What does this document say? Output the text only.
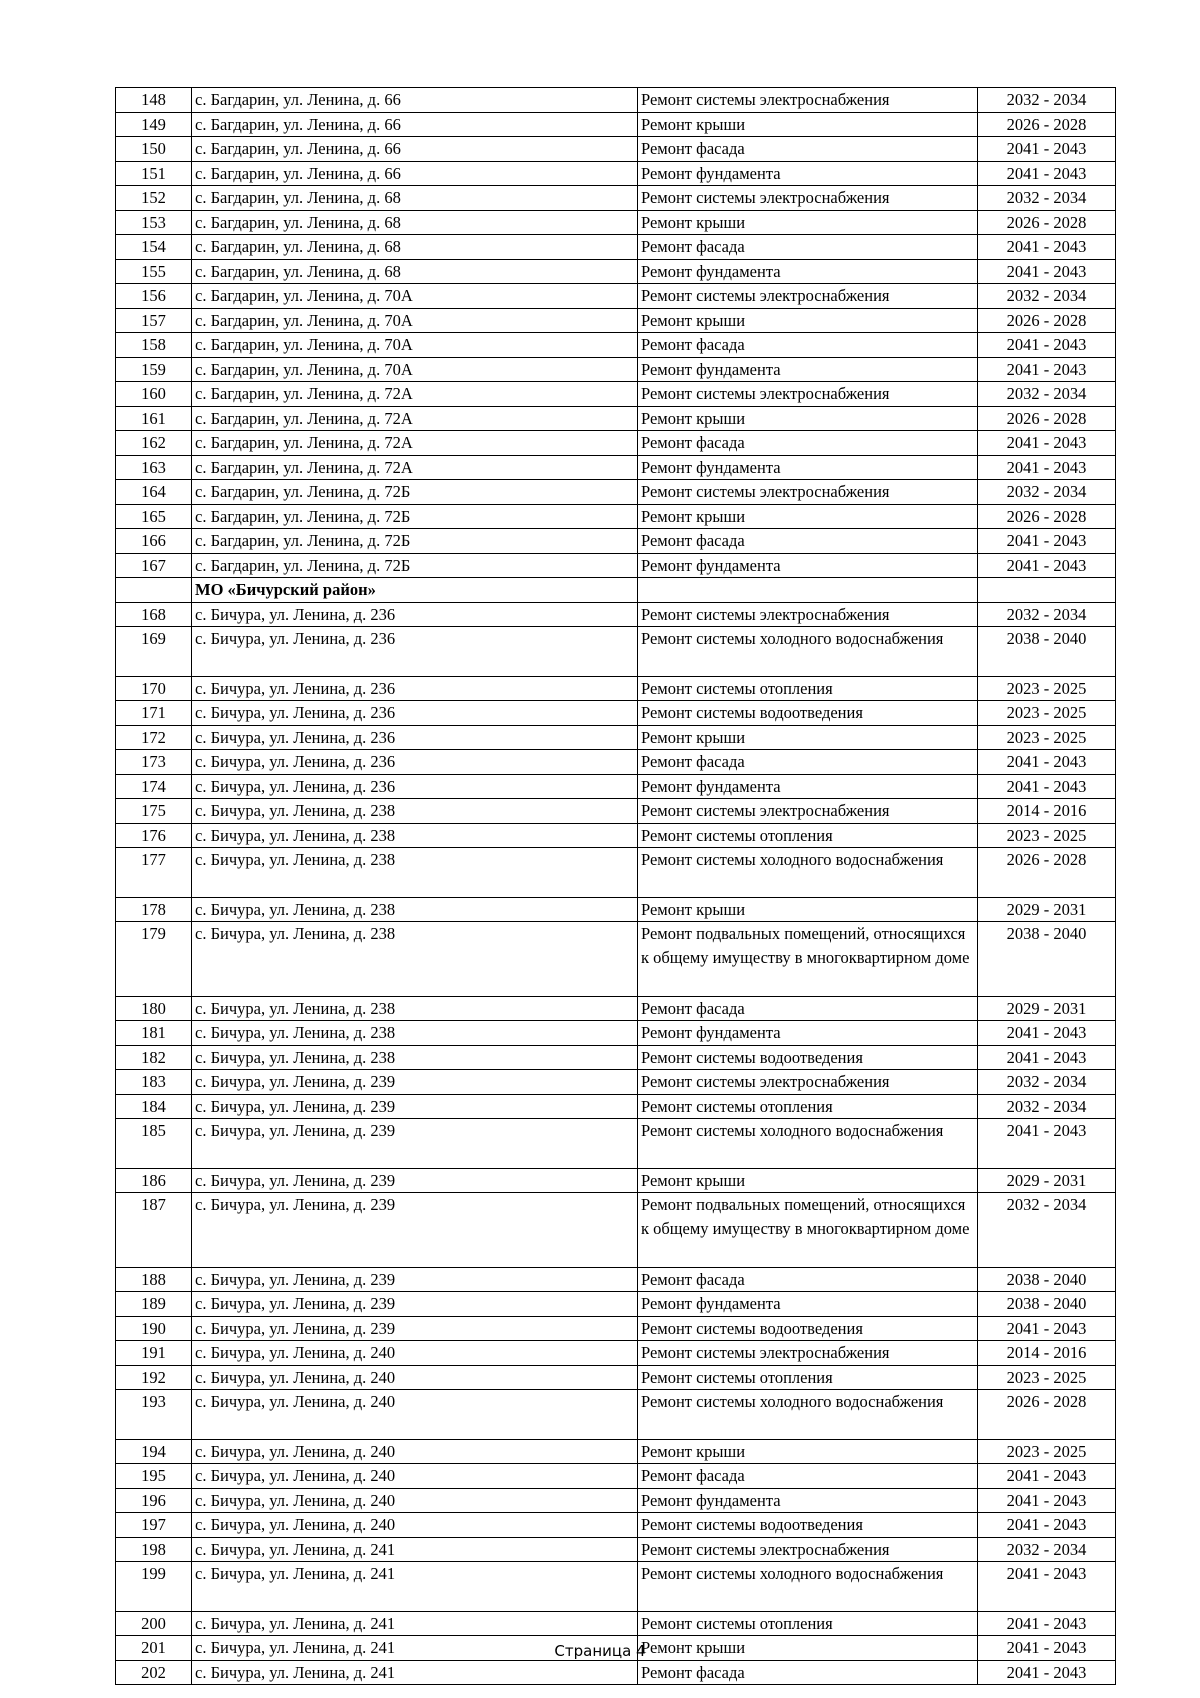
148	с. Багдарин, ул. Ленина, д. 66	Ремонт системы электроснабжения	2032 - 2034
149	с. Багдарин, ул. Ленина, д. 66	Ремонт крыши	2026 - 2028
150	с. Багдарин, ул. Ленина, д. 66	Ремонт фасада	2041 - 2043
151	с. Багдарин, ул. Ленина, д. 66	Ремонт фундамента	2041 - 2043
152	с. Багдарин, ул. Ленина, д. 68	Ремонт системы электроснабжения	2032 - 2034
153	с. Багдарин, ул. Ленина, д. 68	Ремонт крыши	2026 - 2028
154	с. Багдарин, ул. Ленина, д. 68	Ремонт фасада	2041 - 2043
155	с. Багдарин, ул. Ленина, д. 68	Ремонт фундамента	2041 - 2043
156	с. Багдарин, ул. Ленина, д. 70А	Ремонт системы электроснабжения	2032 - 2034
157	с. Багдарин, ул. Ленина, д. 70А	Ремонт крыши	2026 - 2028
158	с. Багдарин, ул. Ленина, д. 70А	Ремонт фасада	2041 - 2043
159	с. Багдарин, ул. Ленина, д. 70А	Ремонт фундамента	2041 - 2043
160	с. Багдарин, ул. Ленина, д. 72А	Ремонт системы электроснабжения	2032 - 2034
161	с. Багдарин, ул. Ленина, д. 72А	Ремонт крыши	2026 - 2028
162	с. Багдарин, ул. Ленина, д. 72А	Ремонт фасада	2041 - 2043
163	с. Багдарин, ул. Ленина, д. 72А	Ремонт фундамента	2041 - 2043
164	с. Багдарин, ул. Ленина, д. 72Б	Ремонт системы электроснабжения	2032 - 2034
165	с. Багдарин, ул. Ленина, д. 72Б	Ремонт крыши	2026 - 2028
166	с. Багдарин, ул. Ленина, д. 72Б	Ремонт фасада	2041 - 2043
167	с. Багдарин, ул. Ленина, д. 72Б	Ремонт фундамента	2041 - 2043
	МО «Бичурский район»		
168	с. Бичура, ул. Ленина, д. 236	Ремонт системы электроснабжения	2032 - 2034
169	с. Бичура, ул. Ленина, д. 236	Ремонт системы холодного водоснабжения	2038 - 2040
170	с. Бичура, ул. Ленина, д. 236	Ремонт системы отопления	2023 - 2025
171	с. Бичура, ул. Ленина, д. 236	Ремонт системы водоотведения	2023 - 2025
172	с. Бичура, ул. Ленина, д. 236	Ремонт крыши	2023 - 2025
173	с. Бичура, ул. Ленина, д. 236	Ремонт фасада	2041 - 2043
174	с. Бичура, ул. Ленина, д. 236	Ремонт фундамента	2041 - 2043
175	с. Бичура, ул. Ленина, д. 238	Ремонт системы электроснабжения	2014 - 2016
176	с. Бичура, ул. Ленина, д. 238	Ремонт системы отопления	2023 - 2025
177	с. Бичура, ул. Ленина, д. 238	Ремонт системы холодного водоснабжения	2026 - 2028
178	с. Бичура, ул. Ленина, д. 238	Ремонт крыши	2029 - 2031
179	с. Бичура, ул. Ленина, д. 238	Ремонт подвальных помещений, относящихся к общему имуществу в многоквартирном доме	2038 - 2040
180	с. Бичура, ул. Ленина, д. 238	Ремонт фасада	2029 - 2031
181	с. Бичура, ул. Ленина, д. 238	Ремонт фундамента	2041 - 2043
182	с. Бичура, ул. Ленина, д. 238	Ремонт системы водоотведения	2041 - 2043
183	с. Бичура, ул. Ленина, д. 239	Ремонт системы электроснабжения	2032 - 2034
184	с. Бичура, ул. Ленина, д. 239	Ремонт системы отопления	2032 - 2034
185	с. Бичура, ул. Ленина, д. 239	Ремонт системы холодного водоснабжения	2041 - 2043
186	с. Бичура, ул. Ленина, д. 239	Ремонт крыши	2029 - 2031
187	с. Бичура, ул. Ленина, д. 239	Ремонт подвальных помещений, относящихся к общему имуществу в многоквартирном доме	2032 - 2034
188	с. Бичура, ул. Ленина, д. 239	Ремонт фасада	2038 - 2040
189	с. Бичура, ул. Ленина, д. 239	Ремонт фундамента	2038 - 2040
190	с. Бичура, ул. Ленина, д. 239	Ремонт системы водоотведения	2041 - 2043
191	с. Бичура, ул. Ленина, д. 240	Ремонт системы электроснабжения	2014 - 2016
192	с. Бичура, ул. Ленина, д. 240	Ремонт системы отопления	2023 - 2025
193	с. Бичура, ул. Ленина, д. 240	Ремонт системы холодного водоснабжения	2026 - 2028
194	с. Бичура, ул. Ленина, д. 240	Ремонт крыши	2023 - 2025
195	с. Бичура, ул. Ленина, д. 240	Ремонт фасада	2041 - 2043
196	с. Бичура, ул. Ленина, д. 240	Ремонт фундамента	2041 - 2043
197	с. Бичура, ул. Ленина, д. 240	Ремонт системы водоотведения	2041 - 2043
198	с. Бичура, ул. Ленина, д. 241	Ремонт системы электроснабжения	2032 - 2034
199	с. Бичура, ул. Ленина, д. 241	Ремонт системы холодного водоснабжения	2041 - 2043
200	с. Бичура, ул. Ленина, д. 241	Ремонт системы отопления	2041 - 2043
201	с. Бичура, ул. Ленина, д. 241	Ремонт крыши	2041 - 2043
202	с. Бичура, ул. Ленина, д. 241	Ремонт фасада	2041 - 2043
Страница 4
